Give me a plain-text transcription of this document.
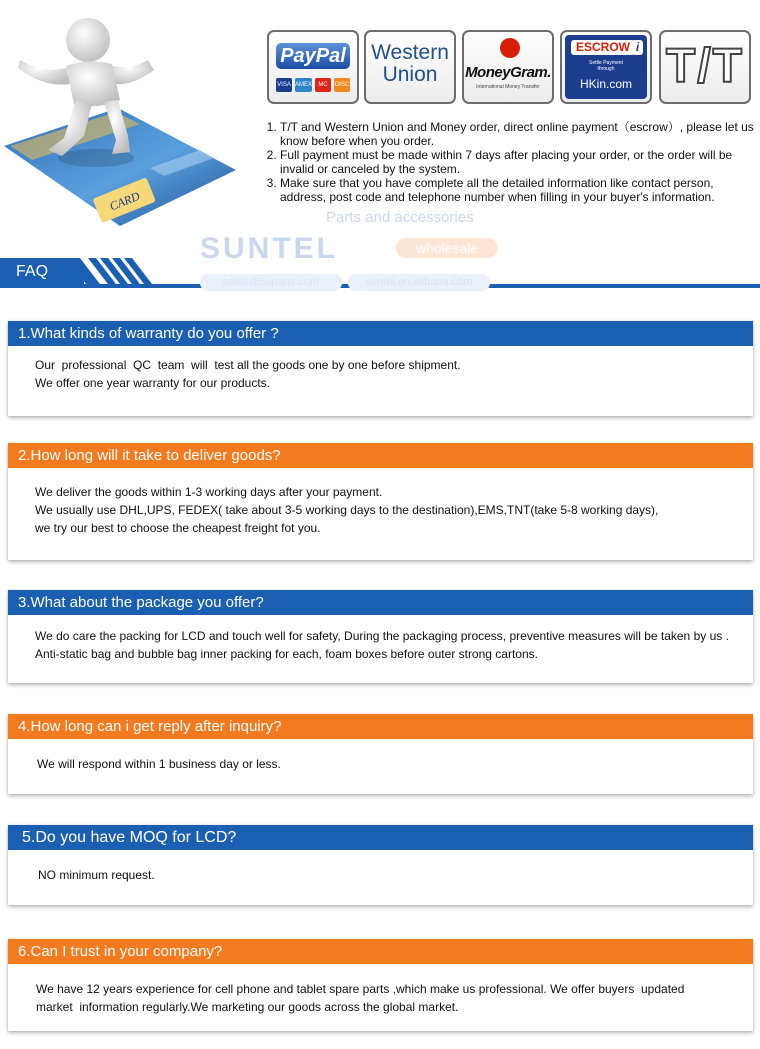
CARD
PayPal
VISA AMEX	MC	DISC
Western
Union	MoneyGram.
International Money Transfer
ESCROW i
Settle Payment
through
HKin.com T/T
1. T/T and Western Union and Money order, direct online payment（escrow）, please let us know before when you order.
2. Full payment must be made within 7 days after placing your order, or the order will be invalid or canceled by the system.
3. Make sure that you have complete all the detailed information like contact person, address, post code and telephone number when filling in your buyer's information.
Parts and accessories
SUNTEL	wholesale
FAQ
sales@5sparts.com	suntel.en.alibaba.com
1.What kinds of warranty do you offer ?

Our  professional  QC  team  will  test all the goods one by one before shipment.

We offer one year warranty for our products.

2.How long will it take to deliver goods?

We deliver the goods within 1-3 working days after your payment.

We usually use DHL,UPS, FEDEX( take about 3-5 working days to the destination),EMS,TNT(take 5-8 working days),

we try our best to choose the cheapest freight fot you.

3.What about the package you offer?

We do care the packing for LCD and touch well for safety, During the packaging process, preventive measures will be taken by us .

Anti-static bag and bubble bag inner packing for each, foam boxes before outer strong cartons.

4.How long can i get reply after inquiry?

We will respond within 1 business day or less.

5.Do you have MOQ for LCD?

NO minimum request.

6.Can I trust in your company?

We have 12 years experience for cell phone and tablet spare parts ,which make us professional. We offer buyers  updated

market  information regularly.We marketing our goods across the global market.
